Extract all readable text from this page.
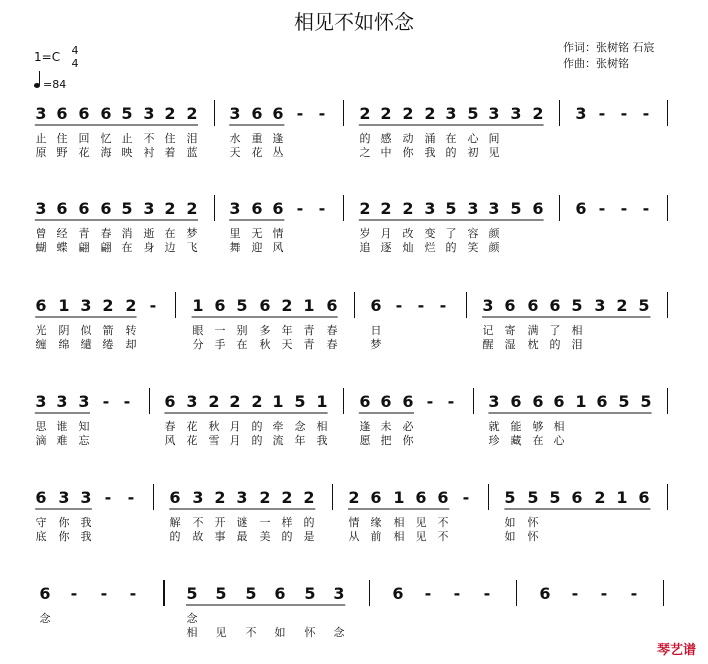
相见不如怀念
作词：张树铭 石宸
作曲：张树铭
1=C 4
4
=84
3 6 6 6 5 3 2 2 3 6 6 - - 2 2 2 2 3 5 3 3 2 3 - - -
止 住 回 忆 止 不 住 泪	水 重 逢	的 感 动 涌 在 心 间
原 野 花 海 映 衬 着 蓝	天 花 丛	之 中 你 我 的 初 见
3 6 6 6 5 3 2 2 3 6 6 - - 2 2 2 3 5 3 3 5 6 6 - - -
曾 经 青 春 消 逝 在 梦	里 无 情	岁 月 改 变 了 容 颜
蝴 蝶 翩 翩 在 身 边 飞	舞 迎 风	追 逐 灿 烂 的 笑 颜
6 1 3 2 2 - 1 6 5 6 2 1 6 6 - - - 3 6 6 6 5 3 2 5
光 阴 似 箭 转	眼 一 别 多 年 青 春	日	记 寄 满 了 相
缠 绵 缱 绻 却	分 手 在 秋 天 青 春	梦	醒 湿 枕 的 泪
3 3 3 - - 6 3 2 2 2 1 5 1 6 6 6 - - 3 6 6 6 1 6 5 5
思 谁 知	春 花 秋 月 的 牵 念 相	逢 未 必	就 能 够 相
滴 难 忘	风 花 雪 月 的 流 年 我	愿 把 你	珍 藏 在 心
6 3 3 - - 6 3 2 3 2 2 2 2 6 1 6 6 - 5 5 5 6 2 1 6
守 你 我	解 不 开 谜 一 样 的	情 缘 相 见 不	如 怀
底 你 我	的 故 事 最 美 的 是	从 前 相 见 不	如 怀
6 - - -	5 5 5 6 5 3	6 - - -	6 - - -
念	念
相 见 不 如 怀 念
琴艺谱
